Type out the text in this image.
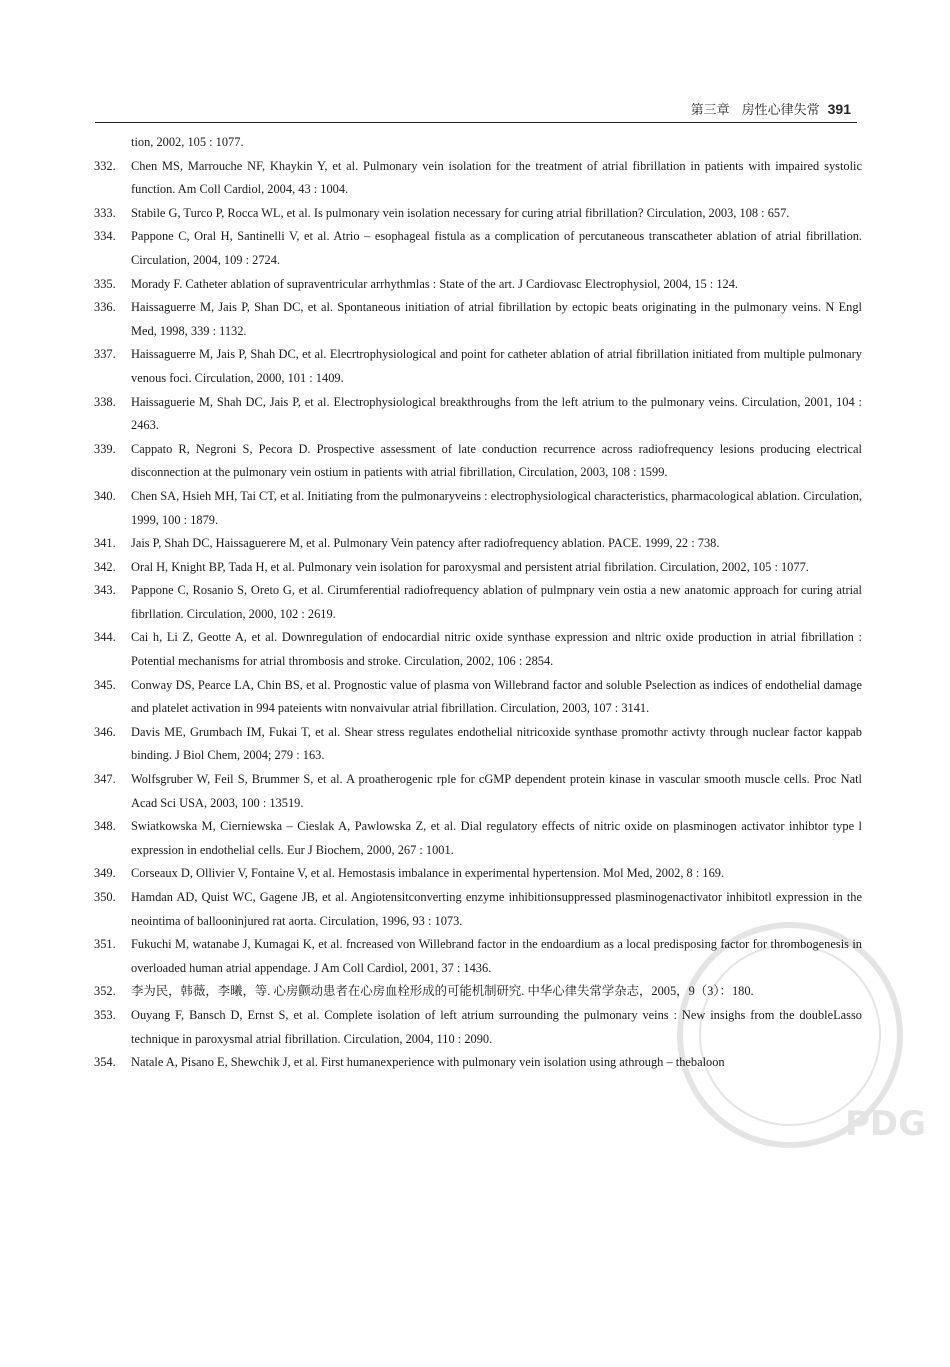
第三章 房性心律失常 391
tion, 2002, 105 : 1077.
332.	Chen MS, Marrouche NF, Khaykin Y, et al. Pulmonary vein isolation for the treatment of atrial fibrillation in patients with impaired systolic function. Am Coll Cardiol, 2004, 43 : 1004.
333.	Stabile G, Turco P, Rocca WL, et al. Is pulmonary vein isolation necessary for curing atrial fibrillation? Circulation, 2003, 108 : 657.
334.	Pappone C, Oral H, Santinelli V, et al. Atrio – esophageal fistula as a complication of percutaneous transcatheter ablation of atrial fibrillation. Circulation, 2004, 109 : 2724.
335.	Morady F. Catheter ablation of supraventricular arrhythmlas : State of the art. J Cardiovasc Electrophysiol, 2004, 15 : 124.
336.	Haissaguerre M, Jais P, Shan DC, et al. Spontaneous initiation of atrial fibrillation by ectopic beats originating in the pulmonary veins. N Engl Med, 1998, 339 : 1132.
337.	Haissaguerre M, Jais P, Shah DC, et al. Elecrtrophysiological and point for catheter ablation of atrial fibrillation initiated from multiple pulmonary venous foci. Circulation, 2000, 101 : 1409.
338.	Haissaguerie M, Shah DC, Jais P, et al. Electrophysiological breakthroughs from the left atrium to the pulmonary veins. Circulation, 2001, 104 : 2463.
339.	Cappato R, Negroni S, Pecora D. Prospective assessment of late conduction recurrence across radiofrequency lesions producing electrical disconnection at the pulmonary vein ostium in patients with atrial fibrillation, Circulation, 2003, 108 : 1599.
340.	Chen SA, Hsieh MH, Tai CT, et al. Initiating from the pulmonaryveins : electrophysiological characteristics, pharmacological ablation. Circulation, 1999, 100 : 1879.
341.	Jais P, Shah DC, Haissaguerere M, et al. Pulmonary Vein patency after radiofrequency ablation. PACE. 1999, 22 : 738.
342.	Oral H, Knight BP, Tada H, et al. Pulmonary vein isolation for paroxysmal and persistent atrial fibrilation. Circulation, 2002, 105 : 1077.
343.	Pappone C, Rosanio S, Oreto G, et al. Cirumferential radiofrequency ablation of pulmpnary vein ostia a new anatomic approach for curing atrial fibrllation. Circulation, 2000, 102 : 2619.
344.	Cai h, Li Z, Geotte A, et al. Downregulation of endocardial nitric oxide synthase expression and nltric oxide production in atrial fibrillation : Potential mechanisms for atrial thrombosis and stroke. Circulation, 2002, 106 : 2854.
345.	Conway DS, Pearce LA, Chin BS, et al. Prognostic value of plasma von Willebrand factor and soluble Pselection as indices of endothelial damage and platelet activation in 994 pateients witn nonvaivular atrial fibrillation. Circulation, 2003, 107 : 3141.
346.	Davis ME, Grumbach IM, Fukai T, et al. Shear stress regulates endothelial nitricoxide synthase promothr activty through nuclear factor kappab binding. J Biol Chem, 2004; 279 : 163.
347.	Wolfsgruber W, Feil S, Brummer S, et al. A proatherogenic rple for cGMP dependent protein kinase in vascular smooth muscle cells. Proc Natl Acad Sci USA, 2003, 100 : 13519.
348.	Swiatkowska M, Cierniewska – Cieslak A, Pawlowska Z, et al. Dial regulatory effects of nitric oxide on plasminogen activator inhibtor type l expression in endothelial cells. Eur J Biochem, 2000, 267 : 1001.
349.	Corseaux D, Ollivier V, Fontaine V, et al. Hemostasis imbalance in experimental hypertension. Mol Med, 2002, 8 : 169.
350.	Hamdan AD, Quist WC, Gagene JB, et al. Angiotensitconverting enzyme inhibitionsuppressed plasminogenactivator inhibitotl expression in the neointima of ballooninjured rat aorta. Circulation, 1996, 93 : 1073.
351.	Fukuchi M, watanabe J, Kumagai K, et al. fncreased von Willebrand factor in the endoardium as a local predisposing factor for thrombogenesis in overloaded human atrial appendage. J Am Coll Cardiol, 2001, 37 : 1436.
352.	李为民，韩薇，李曦，等. 心房颤动患者在心房血栓形成的可能机制研究. 中华心律失常学杂志，2005，9（3）：180.
353.	Ouyang F, Bansch D, Ernst S, et al. Complete isolation of left atrium surrounding the pulmonary veins : New insighs from the doubleLasso technique in paroxysmal atrial fibrillation. Circulation, 2004, 110 : 2090.
354.	Natale A, Pisano E, Shewchik J, et al. First humanexperience with pulmonary vein isolation using athrough – thebaloon
PDG
